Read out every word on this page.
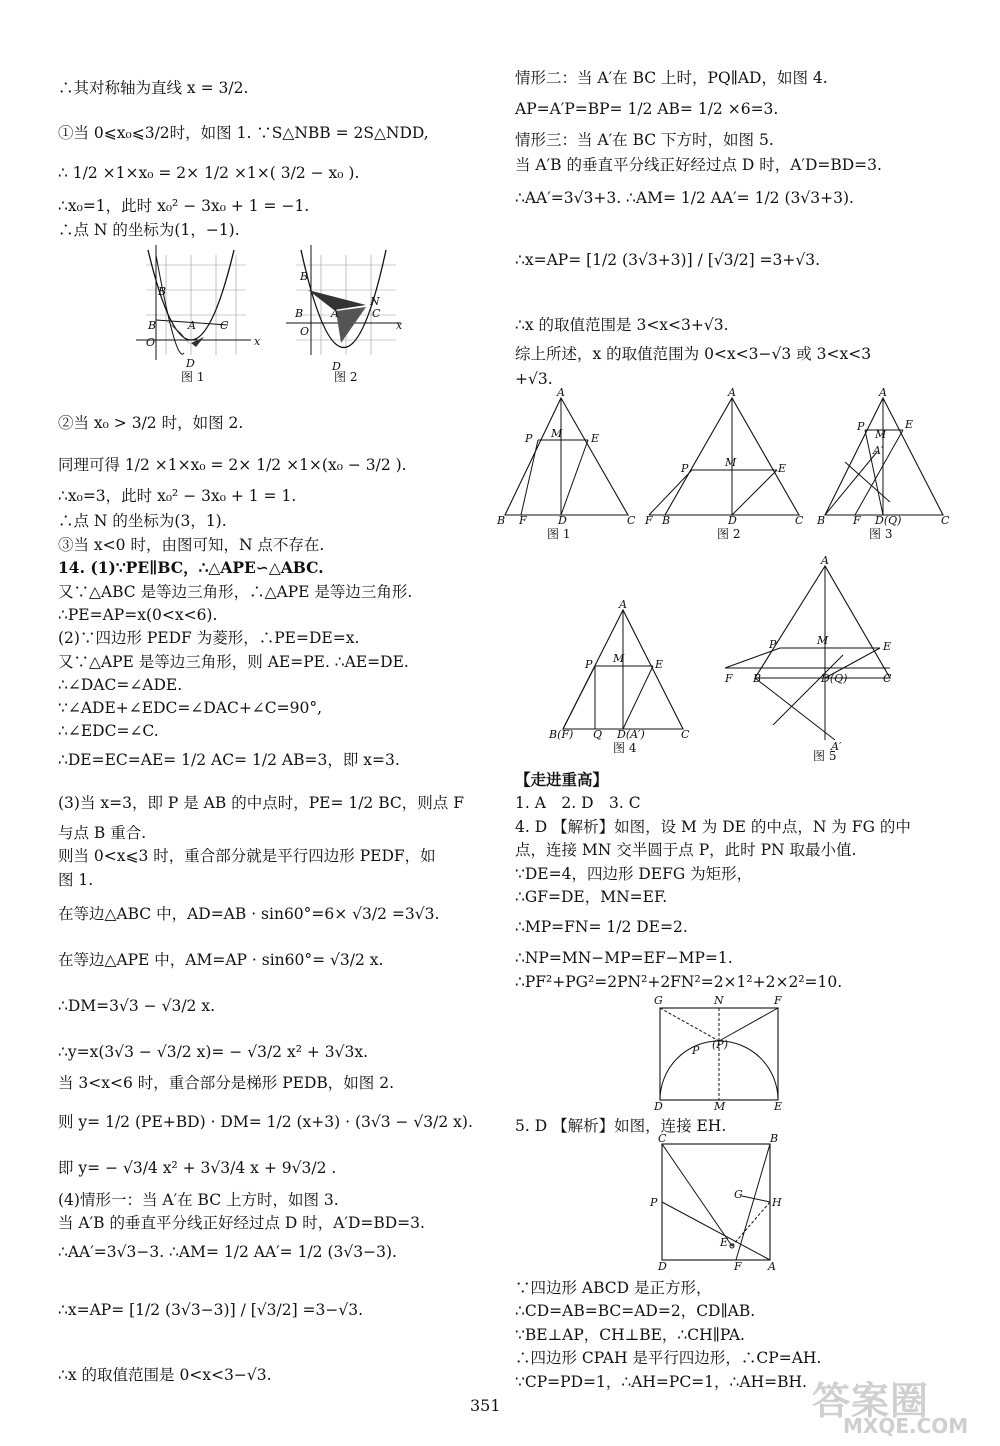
∴其对称轴为直线 x = 3/2.
①当 0⩽x₀⩽3/2时，如图 1. ∵S△NBB = 2S△NDD,
∴ 1/2 ×1×x₀ = 2× 1/2 ×1×( 3/2 − x₀ ).
∴x₀=1，此时 x₀² − 3x₀ + 1 = −1.
∴点 N 的坐标为(1，−1).
B
B	A C
O
D
x
图 1
B
B	A
N
C
O
D
x
图 2
②当 x₀ > 3/2 时，如图 2.
同理可得 1/2 ×1×x₀ = 2× 1/2 ×1×(x₀ − 3/2 ).
∴x₀=3，此时 x₀² − 3x₀ + 1 = 1.
∴点 N 的坐标为(3，1).
③当 x<0 时，由图可知，N 点不存在.
14. (1)∵PE∥BC，∴△APE∽△ABC.
又∵△ABC 是等边三角形，∴△APE 是等边三角形.
∴PE=AP=x(0<x<6).
(2)∵四边形 PEDF 为菱形，∴PE=DE=x.
又∵△APE 是等边三角形，则 AE=PE. ∴AE=DE.
∴∠DAC=∠ADE.
∵∠ADE+∠EDC=∠DAC+∠C=90°,
∴∠EDC=∠C.
∴DE=EC=AE= 1/2 AC= 1/2 AB=3，即 x=3.
(3)当 x=3，即 P 是 AB 的中点时，PE= 1/2 BC，则点 F
与点 B 重合.
则当 0<x⩽3 时，重合部分就是平行四边形 PEDF，如
图 1.
在等边△ABC 中，AD=AB · sin60°=6× √3/2 =3√3.
在等边△APE 中，AM=AP · sin60°= √3/2 x.
∴DM=3√3 − √3/2 x.
∴y=x(3√3 − √3/2 x)= − √3/2 x² + 3√3x.
当 3<x<6 时，重合部分是梯形 PEDB，如图 2.
则 y= 1/2 (PE+BD) · DM= 1/2 (x+3) · (3√3 − √3/2 x).
即 y= − √3/4 x² + 3√3/4 x + 9√3/2 .
(4)情形一：当 A′在 BC 上方时，如图 3.
当 A′B 的垂直平分线正好经过点 D 时，A′D=BD=3.
∴AA′=3√3−3. ∴AM= 1/2 AA′= 1/2 (3√3−3).
∴x=AP= [1/2 (3√3−3)] / [√3/2] =3−√3.
∴x 的取值范围是 0<x<3−√3.
情形二：当 A′在 BC 上时，PQ∥AD，如图 4.
AP=A′P=BP= 1/2 AB= 1/2 ×6=3.
情形三：当 A′在 BC 下方时，如图 5.
当 A′B 的垂直平分线正好经过点 D 时，A′D=BD=3.
∴AA′=3√3+3. ∴AM= 1/2 AA′= 1/2 (3√3+3).
∴x=AP= [1/2 (3√3+3)] / [√3/2] =3+√3.
∴x 的取值范围是 3<x<3+√3.
综上所述，x 的取值范围为 0<x<3−√3 或 3<x<3
+√3.
A
P M	E
B F	D	C
图 1
A
P	M	E
F B	D	C
图 2
A
P
M
E
A′
B	F D(Q)	C
图 3
A
P M	E
B(F) Q D(A′)	C
图 4
A
P	M	E
F B	D(Q)	C
A′
图 5
【走进重高】
1. A　2. D　3. C
4. D 【解析】如图，设 M 为 DE 的中点，N 为 FG 的中
点，连接 MN 交半圆于点 P，此时 PN 取最小值.
∵DE=4，四边形 DEFG 为矩形，
∴GF=DE，MN=EF.
∴MP=FN= 1/2 DE=2.
∴NP=MN−MP=EF−MP=1.
∴PF²+PG²=2PN²+2FN²=2×1²+2×2²=10.
G	N	F
P (P)
D	M	E
5. D 【解析】如图，连接 EH.
C	B
P	H
G
E
D	F A
∵四边形 ABCD 是正方形，
∴CD=AB=BC=AD=2，CD∥AB.
∵BE⊥AP，CH⊥BE，∴CH∥PA.
∴四边形 CPAH 是平行四边形，∴CP=AH.
∵CP=PD=1，∴AH=PC=1，∴AH=BH.
351	答案圈
MXQE.COM
